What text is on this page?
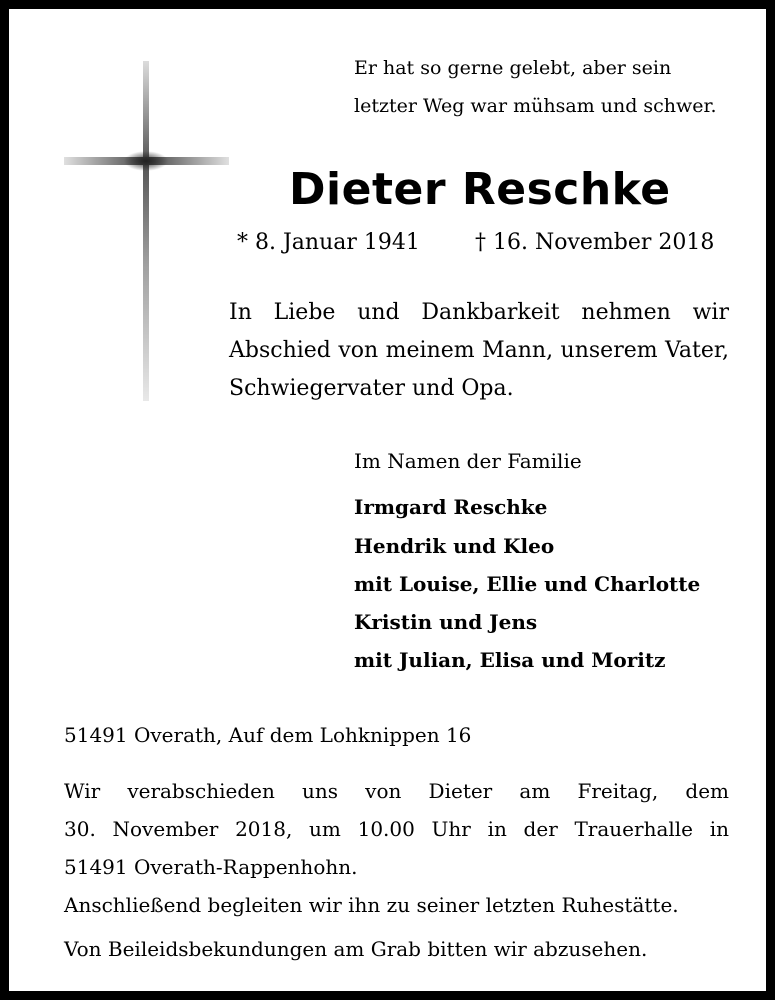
Er hat so gerne gelebt, aber sein
letzter Weg war mühsam und schwer.
Dieter Reschke
* 8. Januar 1941	† 16. November 2018
In Liebe und Dankbarkeit nehmen wir
Abschied von meinem Mann, unserem Vater,
Schwiegervater und Opa.
Im Namen der Familie
Irmgard Reschke
Hendrik und Kleo
mit Louise, Ellie und Charlotte
Kristin und Jens
mit Julian, Elisa und Moritz
51491 Overath, Auf dem Lohknippen 16
Wir verabschieden uns von Dieter am Freitag, dem
30. November 2018, um 10.00 Uhr in der Trauerhalle in
51491 Overath-Rappenhohn.
Anschließend begleiten wir ihn zu seiner letzten Ruhestätte.
Von Beileidsbekundungen am Grab bitten wir abzusehen.
